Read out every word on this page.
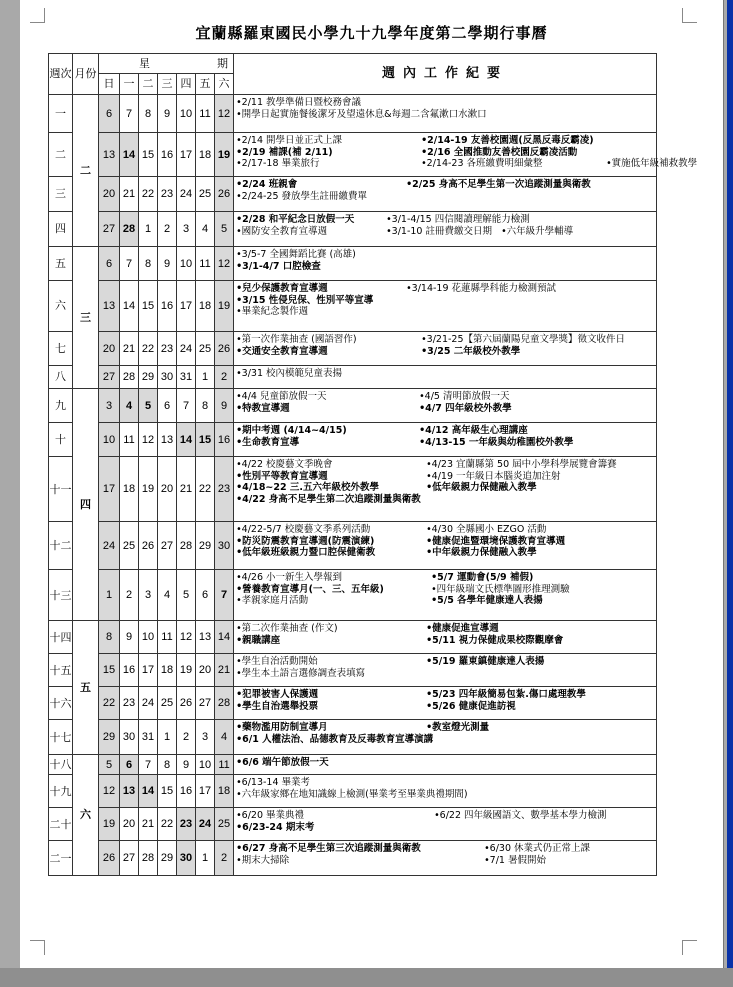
宜蘭縣羅東國民小學九十九學年度第二學期行事曆
週次	月份	星 期							週內工作紀要
		日	一	二	三	四	五	六	
一	二	6	7	8	9	10	11	12	•2/11 教學準備日暨校務會議
•開學日起實施餐後潔牙及望遠休息&每週二含氟漱口水漱口

二		13	14	15	16	17	18	19	•2/14 開學日並正式上課 •2/14-19 友善校園週(反黑反毒反霸凌)
•2/19 補課(補 2/11) •2/16 全國推動友善校園反霸凌活動
•2/17-18 畢業旅行 •2/14-23 各班繳費明細彙整 •實施低年級補救教學

三		20	21	22	23	24	25	26	•2/24 班親會 •2/25 身高不足學生第一次追蹤測量與衛教
•2/24-25 發放學生註冊繳費單

四		27	28	1	2	3	4	5	•2/28 和平紀念日放假一天 •3/1-4/15 四信閱讀理解能力檢測
•國防安全教育宣導週 •3/1-10 註冊費繳交日期 •六年級升學輔導

五	三	6	7	8	9	10	11	12	•3/5-7 全國舞蹈比賽 (高雄)
•3/1-4/7 口腔檢查

六		13	14	15	16	17	18	19	•兒少保護教育宣導週 •3/14-19 花蓮縣學科能力檢測預試
•3/15 性侵兒保、性別平等宣導
•畢業紀念製作週

七		20	21	22	23	24	25	26	•第一次作業抽查 (國語習作) •3/21-25【第六屆蘭陽兒童文學獎】徵文收件日
•交通安全教育宣導週 •3/25 二年級校外教學

八		27	28	29	30	31	1	2	•3/31 校內模範兒童表揚

九	四	3	4	5	6	7	8	9	•4/4 兒童節放假一天 •4/5 清明節放假一天
•特教宣導週 •4/7 四年級校外教學

十		10	11	12	13	14	15	16	•期中考週 (4/14~4/15) •4/12 高年級生心理講座
•生命教育宣導 •4/13-15 一年級與幼稚園校外教學

十一		17	18	19	20	21	22	23	•4/22 校慶藝文季晚會 •4/23 宜蘭縣第 50 屆中小學科學展覽會籌賽
•性別平等教育宣導週 •4/19 一年級日本腦炎追加注射
•4/18~22 三.五六年級校外教學 •低年級親力保健融入教學
•4/22 身高不足學生第二次追蹤測量與衛教

十二		24	25	26	27	28	29	30	•4/22-5/7 校慶藝文季系列活動 •4/30 全縣國小 EZGO 活動
•防災防震教育宣導週(防震演練) •健康促進暨環境保護教育宣導週
•低年級班級親力暨口腔保健衛教 •中年級親力保健融入教學

十三		1	2	3	4	5	6	7	•4/26 小一新生入學報到 •5/7 運動會(5/9 補假)
•營養教育宣導月(一、三、五年級) •四年級瑞文氏標準圖形推理測驗
•孝親家庭月活動 •5/5 各學年健康達人表揚

十四	五	8	9	10	11	12	13	14	•第二次作業抽查 (作文) •健康促進宣導週
•親職講座 •5/11 視力保健成果校際觀摩會

十五		15	16	17	18	19	20	21	•學生自治活動開始 •5/19 羅東鎮健康達人表揚
•學生本土語言選修調查表填寫

十六		22	23	24	25	26	27	28	•犯罪被害人保護週 •5/23 四年級簡易包紮.傷口處理教學
•學生自治選舉投票 •5/26 健康促進訪視

十七		29	30	31	1	2	3	4	•藥物濫用防制宣導月 •教室燈光測量
•6/1 人權法治、品德教育及反毒教育宣導演講

十八	六	5	6	7	8	9	10	11	•6/6 端午節放假一天

十九		12	13	14	15	16	17	18	•6/13-14 畢業考
•六年級家鄉在地知識線上檢測(畢業考至畢業典禮期間)

二十		19	20	21	22	23	24	25	•6/20 畢業典禮 •6/22 四年級國語文、數學基本學力檢測
•6/23-24 期末考

二一		26	27	28	29	30	1	2	•6/27 身高不足學生第三次追蹤測量與衛教 •6/30 休業式仍正常上課
•期末大掃除 •7/1 暑假開始
